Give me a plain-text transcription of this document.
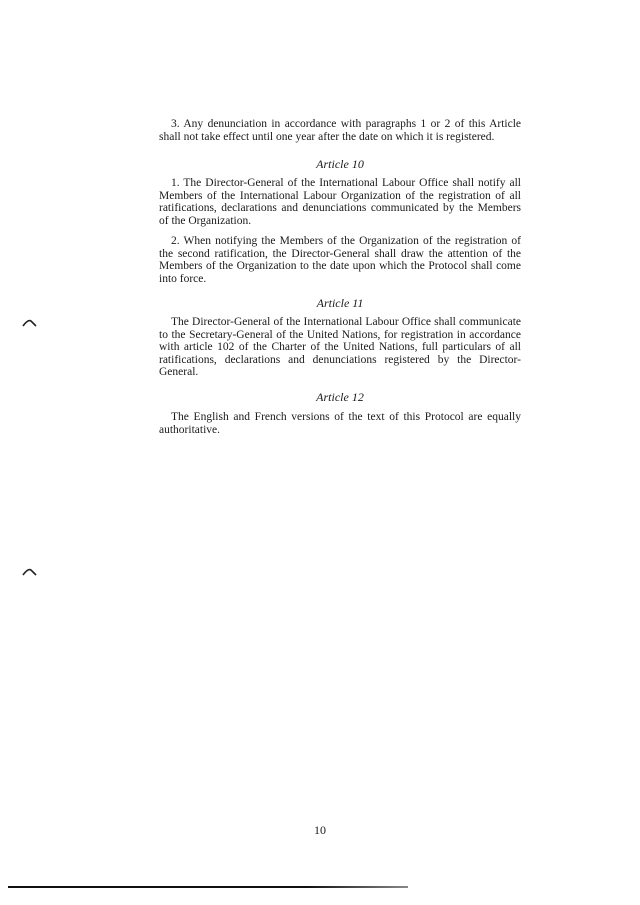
3. Any denunciation in accordance with paragraphs 1 or 2 of this Article shall not take effect until one year after the date on which it is registered.

Article 10

1. The Director-General of the International Labour Office shall notify all Members of the International Labour Organization of the registration of all ratifications, declarations and denunciations communicated by the Members of the Organization.

2. When notifying the Members of the Organization of the registration of the second ratification, the Director-General shall draw the attention of the Members of the Organization to the date upon which the Protocol shall come into force.

Article 11

The Director-General of the International Labour Office shall communicate to the Secretary-General of the United Nations, for registration in accordance with article 102 of the Charter of the United Nations, full particulars of all ratifications, declarations and denunciations registered by the Director-General.

Article 12

The English and French versions of the text of this Protocol are equally authoritative.

10
